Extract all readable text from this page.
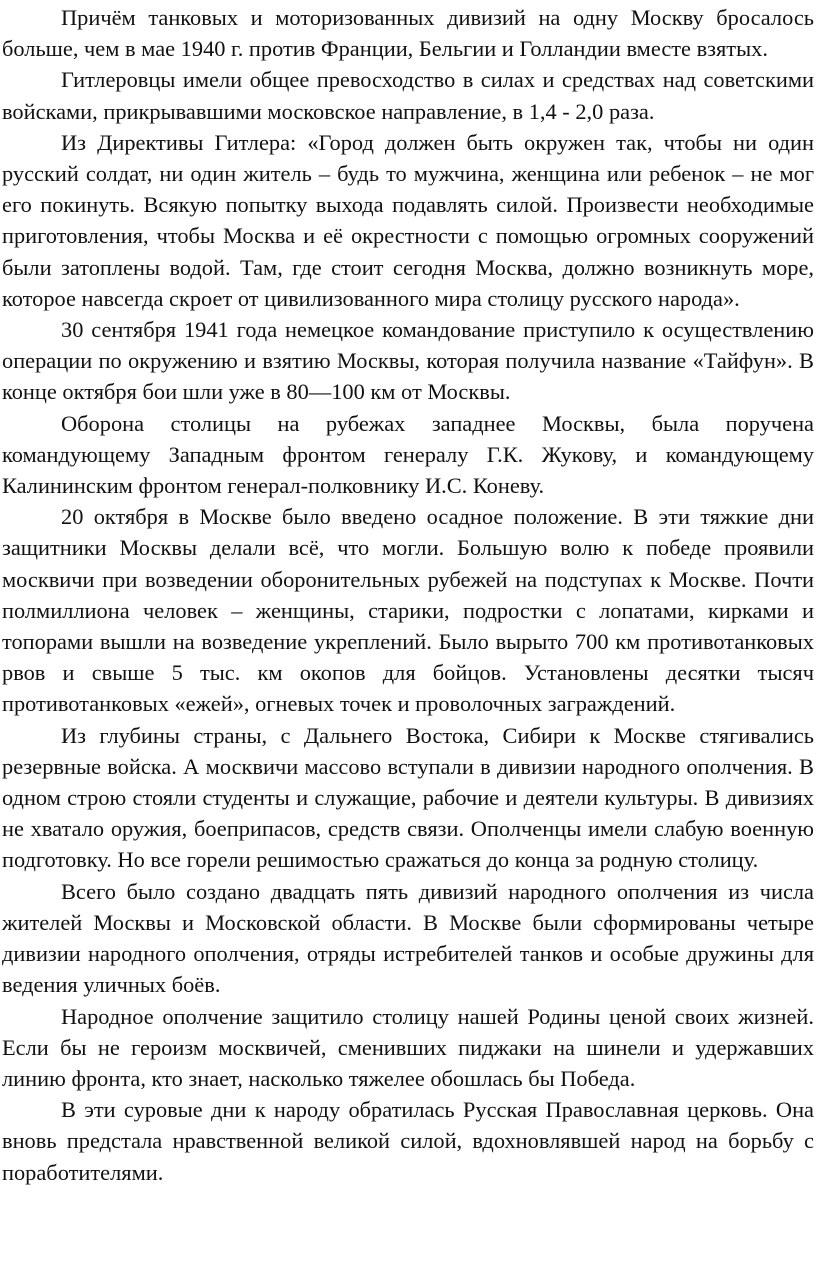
Причём танковых и моторизованных дивизий на одну Москву бросалось больше, чем в мае 1940 г. против Франции, Бельгии и Голландии вместе взятых.

Гитлеровцы имели общее превосходство в силах и средствах над советскими войсками, прикрывавшими московское направление, в 1,4 - 2,0 раза.

Из Директивы Гитлера: «Город должен быть окружен так, чтобы ни один русский солдат, ни один житель – будь то мужчина, женщина или ребенок – не мог его покинуть. Всякую попытку выхода подавлять силой. Произвести необходимые приготовления, чтобы Москва и её окрестности с помощью огромных сооружений были затоплены водой. Там, где стоит сегодня Москва, должно возникнуть море, которое навсегда скроет от цивилизованного мира столицу русского народа».

30 сентября 1941 года немецкое командование приступило к осуществлению операции по окружению и взятию Москвы, которая получила название «Тайфун». В конце октября бои шли уже в 80—100 км от Москвы.

Оборона столицы на рубежах западнее Москвы, была поручена командующему Западным фронтом генералу Г.К. Жукову, и командующему Калининским фронтом генерал-полковнику И.С. Коневу.

20 октября в Москве было введено осадное положение. В эти тяжкие дни защитники Москвы делали всё, что могли. Большую волю к победе проявили москвичи при возведении оборонительных рубежей на подступах к Москве. Почти полмиллиона человек – женщины, старики, подростки с лопатами, кирками и топорами вышли на возведение укреплений. Было вырыто 700 км противотанковых рвов и свыше 5 тыс. км окопов для бойцов. Установлены десятки тысяч противотанковых «ежей», огневых точек и проволочных заграждений.

Из глубины страны, с Дальнего Востока, Сибири к Москве стягивались резервные войска. А москвичи массово вступали в дивизии народного ополчения. В одном строю стояли студенты и служащие, рабочие и деятели культуры. В дивизиях не хватало оружия, боеприпасов, средств связи. Ополченцы имели слабую военную подготовку. Но все горели решимостью сражаться до конца за родную столицу.

Всего было создано двадцать пять дивизий народного ополчения из числа жителей Москвы и Московской области. В Москве были сформированы четыре дивизии народного ополчения, отряды истребителей танков и особые дружины для ведения уличных боёв.

Народное ополчение защитило столицу нашей Родины ценой своих жизней. Если бы не героизм москвичей, сменивших пиджаки на шинели и удержавших линию фронта, кто знает, насколько тяжелее обошлась бы Победа.

В эти суровые дни к народу обратилась Русская Православная церковь. Она вновь предстала нравственной великой силой, вдохновлявшей народ на борьбу с поработителями.
